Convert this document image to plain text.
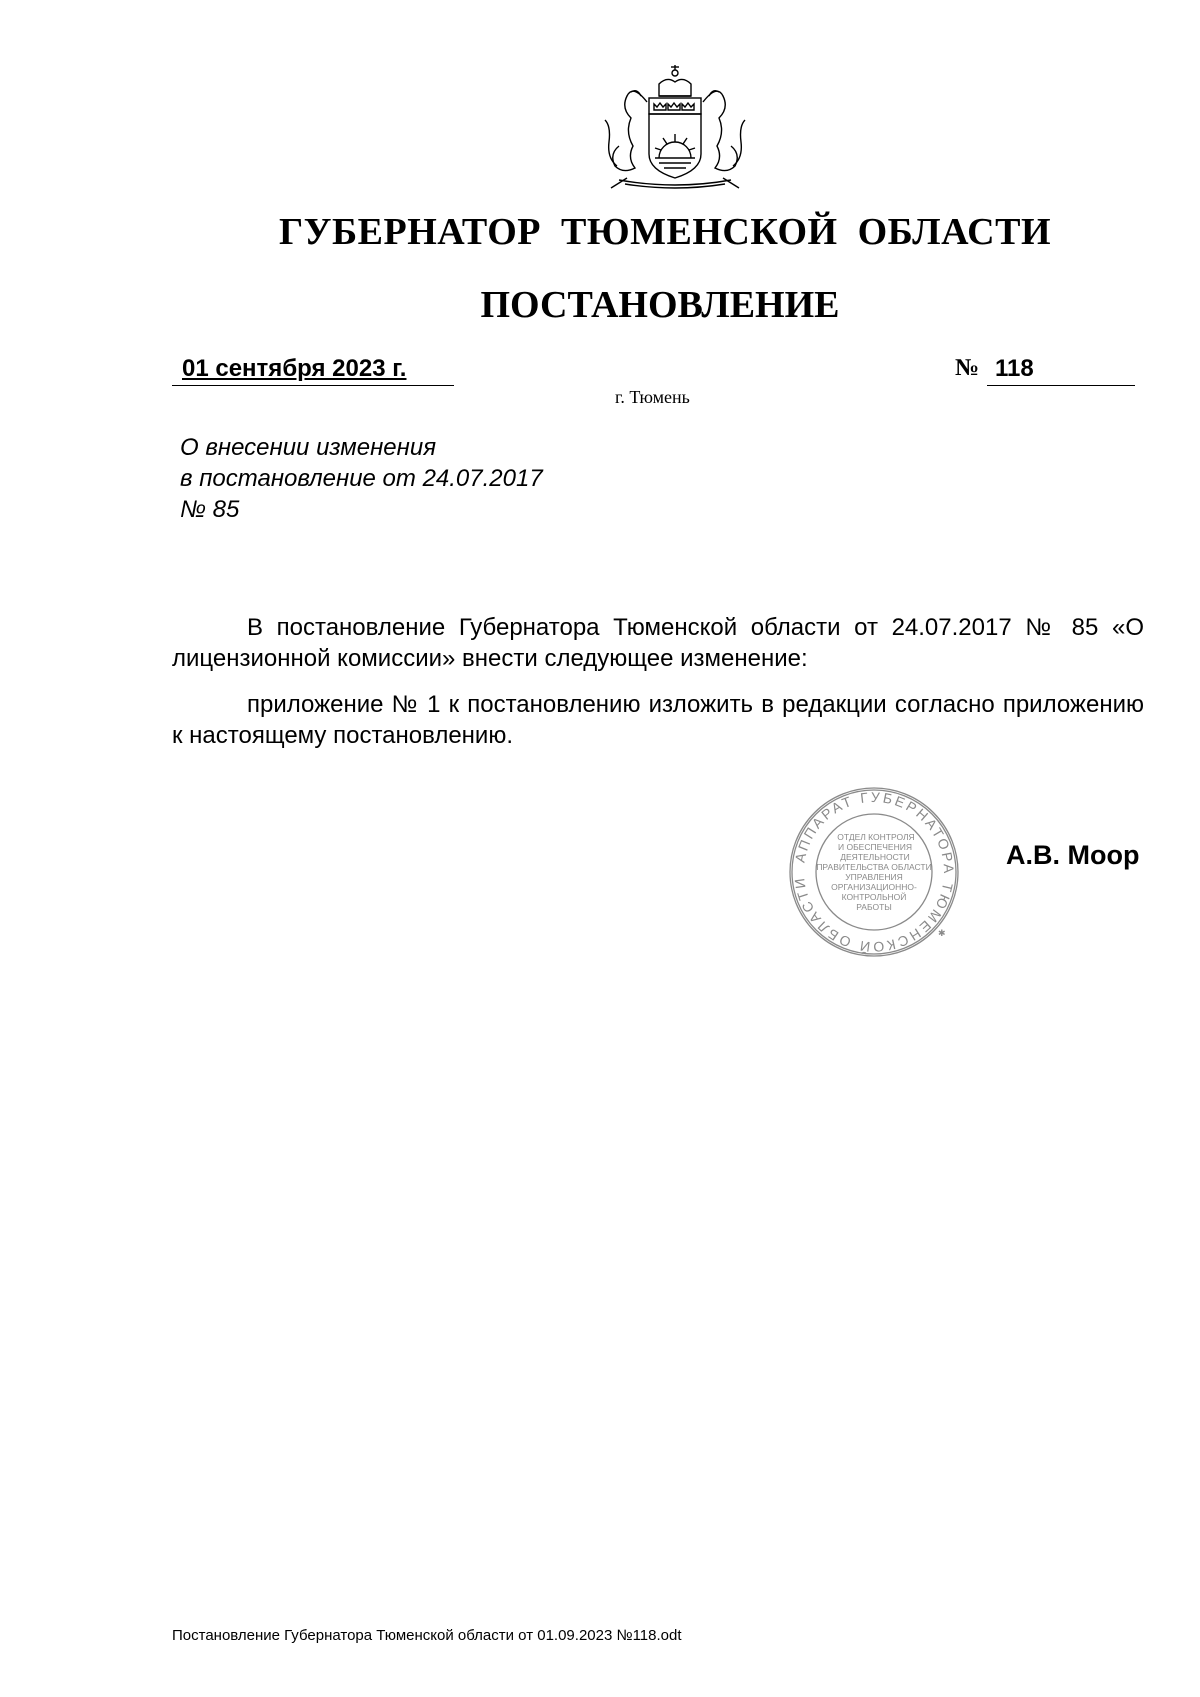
ГУБЕРНАТОР ТЮМЕНСКОЙ ОБЛАСТИ
ПОСТАНОВЛЕНИЕ
01 сентября 2023 г.	№ 118
г. Тюмень
О внесении изменения
в постановление от 24.07.2017
№ 85

В постановление Губернатора Тюменской области от 24.07.2017 № 85 «О лицензионной комиссии» внести следующее изменение:

приложение № 1 к постановлению изложить в редакции согласно приложению к настоящему постановлению.

АППАРАТ ГУБЕРНАТОРА ТЮМЕНСКОЙ ОБЛАСТИ
✱
ОТДЕЛ КОНТРОЛЯ
И ОБЕСПЕЧЕНИЯ
ДЕЯТЕЛЬНОСТИ
ПРАВИТЕЛЬСТВА ОБЛАСТИ
УПРАВЛЕНИЯ
ОРГАНИЗАЦИОННО-
КОНТРОЛЬНОЙ
РАБОТЫ
А.В. Моор
Постановление Губернатора Тюменской области от 01.09.2023 №118.odt
